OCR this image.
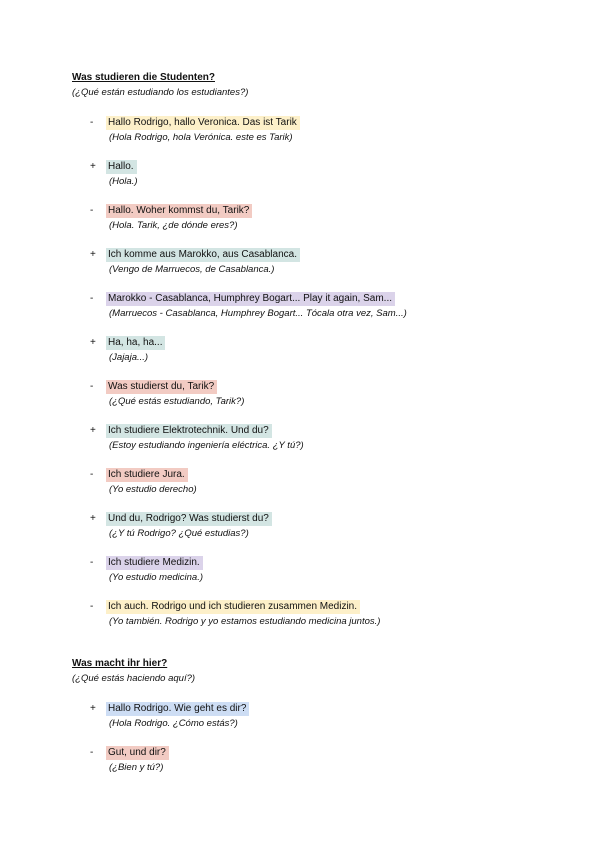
Was studieren die Studenten?
(¿Qué están estudiando los estudiantes?)
-	Hallo Rodrigo, hallo Veronica. Das ist Tarik
(Hola Rodrigo, hola Verónica. este es Tarik)
+	Hallo.
(Hola.)
-	Hallo. Woher kommst du, Tarik?
(Hola. Tarik, ¿de dónde eres?)
+	Ich komme aus Marokko, aus Casablanca.
(Vengo de Marruecos, de Casablanca.)
-	Marokko - Casablanca, Humphrey Bogart... Play it again, Sam...
(Marruecos - Casablanca, Humphrey Bogart... Tócala otra vez, Sam...)
+	Ha, ha, ha...
(Jajaja...)
-	Was studierst du, Tarik?
(¿Qué estás estudiando, Tarik?)
+	Ich studiere Elektrotechnik. Und du?
(Estoy estudiando ingeniería eléctrica. ¿Y tú?)
-	Ich studiere Jura.
(Yo estudio derecho)
+	Und du, Rodrigo? Was studierst du?
(¿Y tú Rodrigo? ¿Qué estudias?)
-	Ich studiere Medizin.
(Yo estudio medicina.)
-	Ich auch. Rodrigo und ich studieren zusammen Medizin.
(Yo también. Rodrigo y yo estamos estudiando medicina juntos.)
Was macht ihr hier?
(¿Qué estás haciendo aquí?)
+	Hallo Rodrigo. Wie geht es dir?
(Hola Rodrigo. ¿Cómo estás?)
-	Gut, und dir?
(¿Bien y tú?)
